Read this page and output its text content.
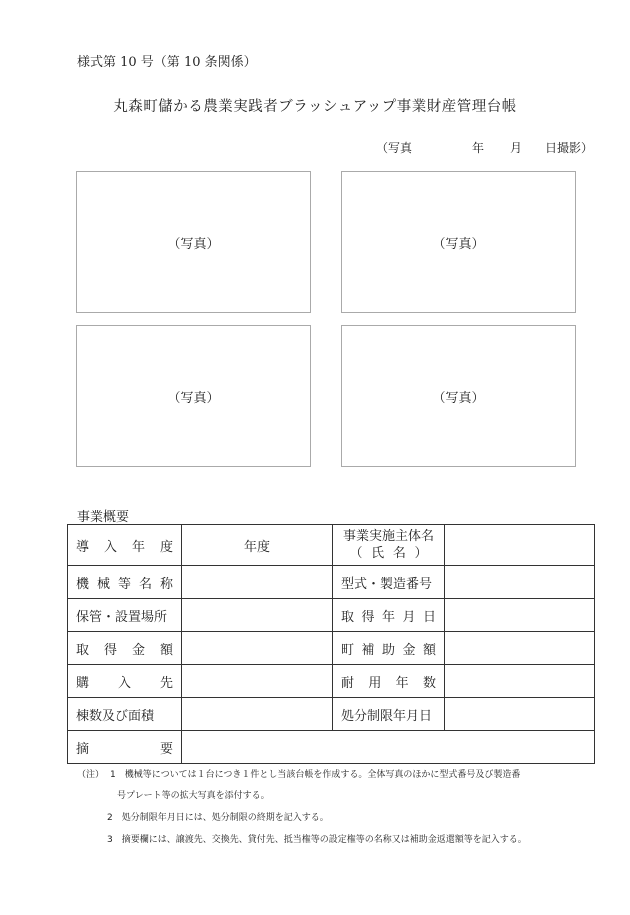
様式第 10 号（第 10 条関係）
丸森町儲かる農業実践者ブラッシュアップ事業財産管理台帳
（写真	年 月 日撮影）
（写真）	（写真）
（写真）	（写真）
事業概要
導 入 年 度	年度	事業実施主体名
（ 氏 名 ）	

機 械 等 名 称		型式・製造番号	
保管・設置場所		取 得 年 月 日	

取 得 金 額		町 補 助 金 額	

購 入 先		耐 用 年 数	

棟数及び面積		処分制限年月日	

摘 要			

（注） 1 機械等については１台につき１件とし当該台帳を作成する。全体写真のほかに型式番号及び製造番
号プレート等の拡大写真を添付する。
2 処分制限年月日には、処分制限の終期を記入する。
3 摘要欄には、譲渡先、交換先、貸付先、抵当権等の設定権等の名称又は補助金返還額等を記入する。
